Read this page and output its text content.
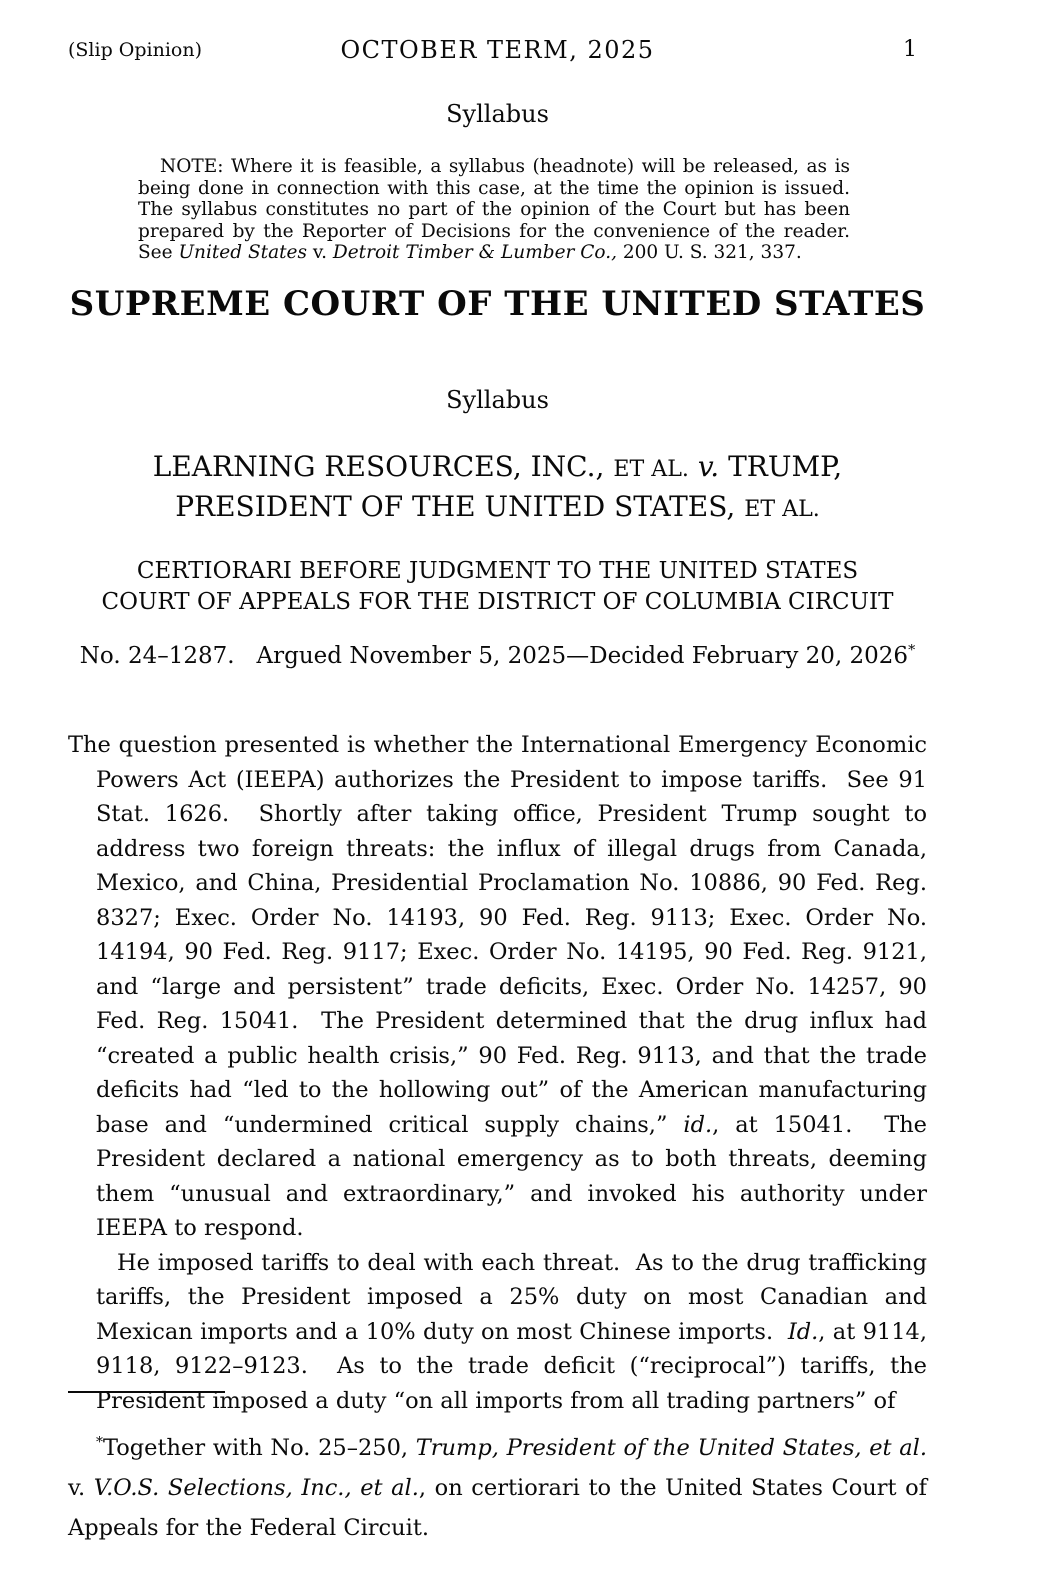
(Slip Opinion)	OCTOBER TERM, 2025	1
Syllabus
NOTE: Where it is feasible, a syllabus (headnote) will be released, as is being done in connection with this case, at the time the opinion is issued.  The syllabus constitutes no part of the opinion of the Court but has been prepared by the Reporter of Decisions for the convenience of the reader.  See United States v. Detroit Timber & Lumber Co., 200 U. S. 321, 337.
SUPREME COURT OF THE UNITED STATES
Syllabus
LEARNING RESOURCES, INC., ET AL. v. TRUMP,
PRESIDENT OF THE UNITED STATES, ET AL.
CERTIORARI BEFORE JUDGMENT TO THE UNITED STATES
COURT OF APPEALS FOR THE DISTRICT OF COLUMBIA CIRCUIT
No. 24–1287.   Argued November 5, 2025—Decided February 20, 2026*

The question presented is whether the International Emergency Economic Powers Act (IEEPA) authorizes the President to impose tariffs.  See 91 Stat. 1626.  Shortly after taking office, President Trump sought to address two foreign threats: the influx of illegal drugs from Canada, Mexico, and China, Presidential Proclamation No. 10886, 90 Fed. Reg. 8327; Exec. Order No. 14193, 90 Fed. Reg. 9113; Exec. Order No. 14194, 90 Fed. Reg. 9117; Exec. Order No. 14195, 90 Fed. Reg. 9121, and “large and persistent” trade deficits, Exec. Order No. 14257, 90 Fed. Reg. 15041.  The President determined that the drug influx had “created a public health crisis,” 90 Fed. Reg. 9113, and that the trade deficits had “led to the hollowing out” of the American manufacturing base and “undermined critical supply chains,” id., at 15041.  The President declared a national emergency as to both threats, deeming them “unusual and extraordinary,” and invoked his authority under IEEPA to respond.

He imposed tariffs to deal with each threat.  As to the drug trafficking tariffs, the President imposed a 25% duty on most Canadian and Mexican imports and a 10% duty on most Chinese imports.  Id., at 9114, 9118, 9122–9123.  As to the trade deficit (“reciprocal”) tariffs, the President imposed a duty “on all imports from all trading partners” of

*Together with No. 25–250, Trump, President of the United States, et al. v. V.O.S. Selections, Inc., et al., on certiorari to the United States Court of Appeals for the Federal Circuit.
